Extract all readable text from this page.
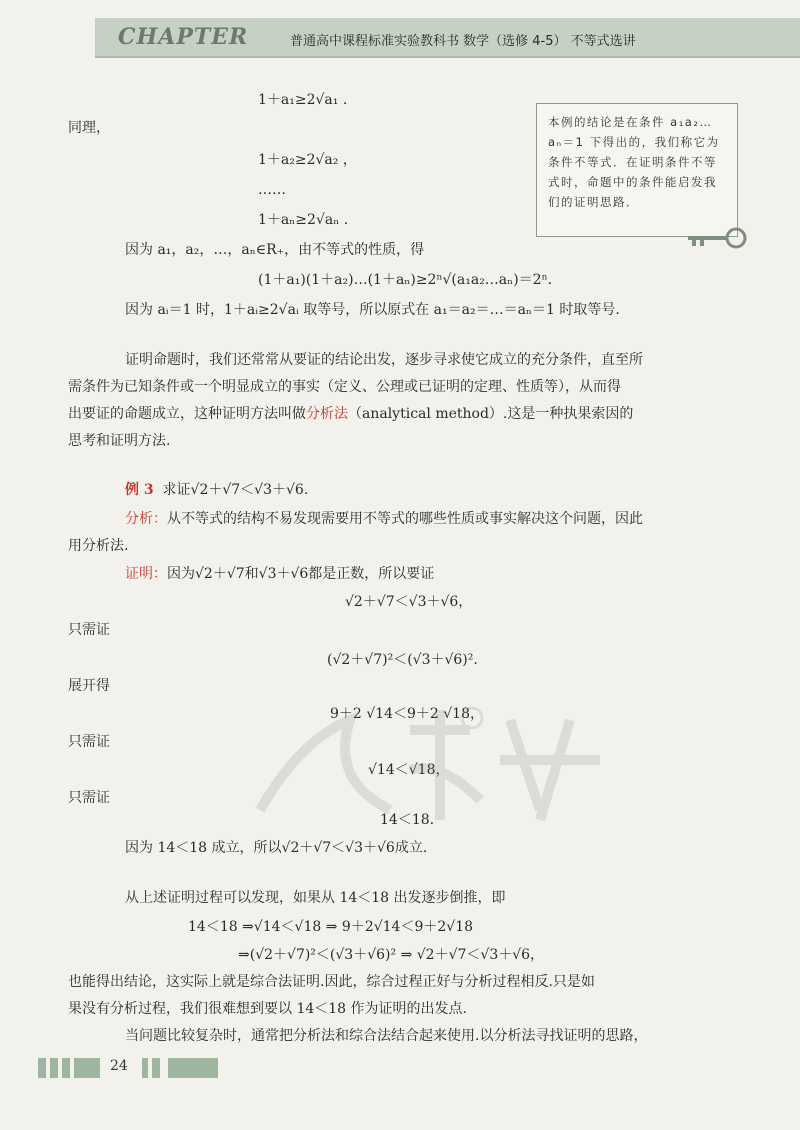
CHAPTER	普通高中课程标准实验教科书 数学（选修 4-5） 不等式选讲
本例的结论是在条件 a₁a₂…aₙ＝1 下得出的，我们称它为条件不等式．在证明条件不等式时，命题中的条件能启发我们的证明思路．
1＋a₁≥2√a₁ .
同理，
1＋a₂≥2√a₂ ，
……
1＋aₙ≥2√aₙ .
因为 a₁，a₂，…，aₙ∈R₊，由不等式的性质，得
(1＋a₁)(1＋a₂)…(1＋aₙ)≥2ⁿ√(a₁a₂…aₙ)＝2ⁿ.
因为 aᵢ＝1 时，1＋aᵢ≥2√aᵢ 取等号，所以原式在 a₁＝a₂＝…＝aₙ＝1 时取等号.
证明命题时，我们还常常从要证的结论出发，逐步寻求使它成立的充分条件，直至所
需条件为已知条件或一个明显成立的事实（定义、公理或已证明的定理、性质等），从而得
出要证的命题成立，这种证明方法叫做分析法（analytical method）.这是一种执果索因的
思考和证明方法.
例 3 求证√2＋√7＜√3＋√6.
分析：从不等式的结构不易发现需要用不等式的哪些性质或事实解决这个问题，因此
用分析法.
证明：因为√2＋√7和√3＋√6都是正数，所以要证
√2＋√7＜√3＋√6，
只需证
(√2＋√7)²＜(√3＋√6)².
展开得
9＋2 √14＜9＋2 √18，
只需证
√14＜√18，
只需证
14＜18.
因为 14＜18 成立，所以√2＋√7＜√3＋√6成立.
从上述证明过程可以发现，如果从 14＜18 出发逐步倒推，即
14＜18 ⇒√14＜√18 ⇒ 9＋2√14＜9＋2√18
⇒(√2＋√7)²＜(√3＋√6)² ⇒ √2＋√7＜√3＋√6，
也能得出结论，这实际上就是综合法证明.因此，综合过程正好与分析过程相反.只是如
果没有分析过程，我们很难想到要以 14＜18 作为证明的出发点.
当问题比较复杂时，通常把分析法和综合法结合起来使用.以分析法寻找证明的思路，
24
